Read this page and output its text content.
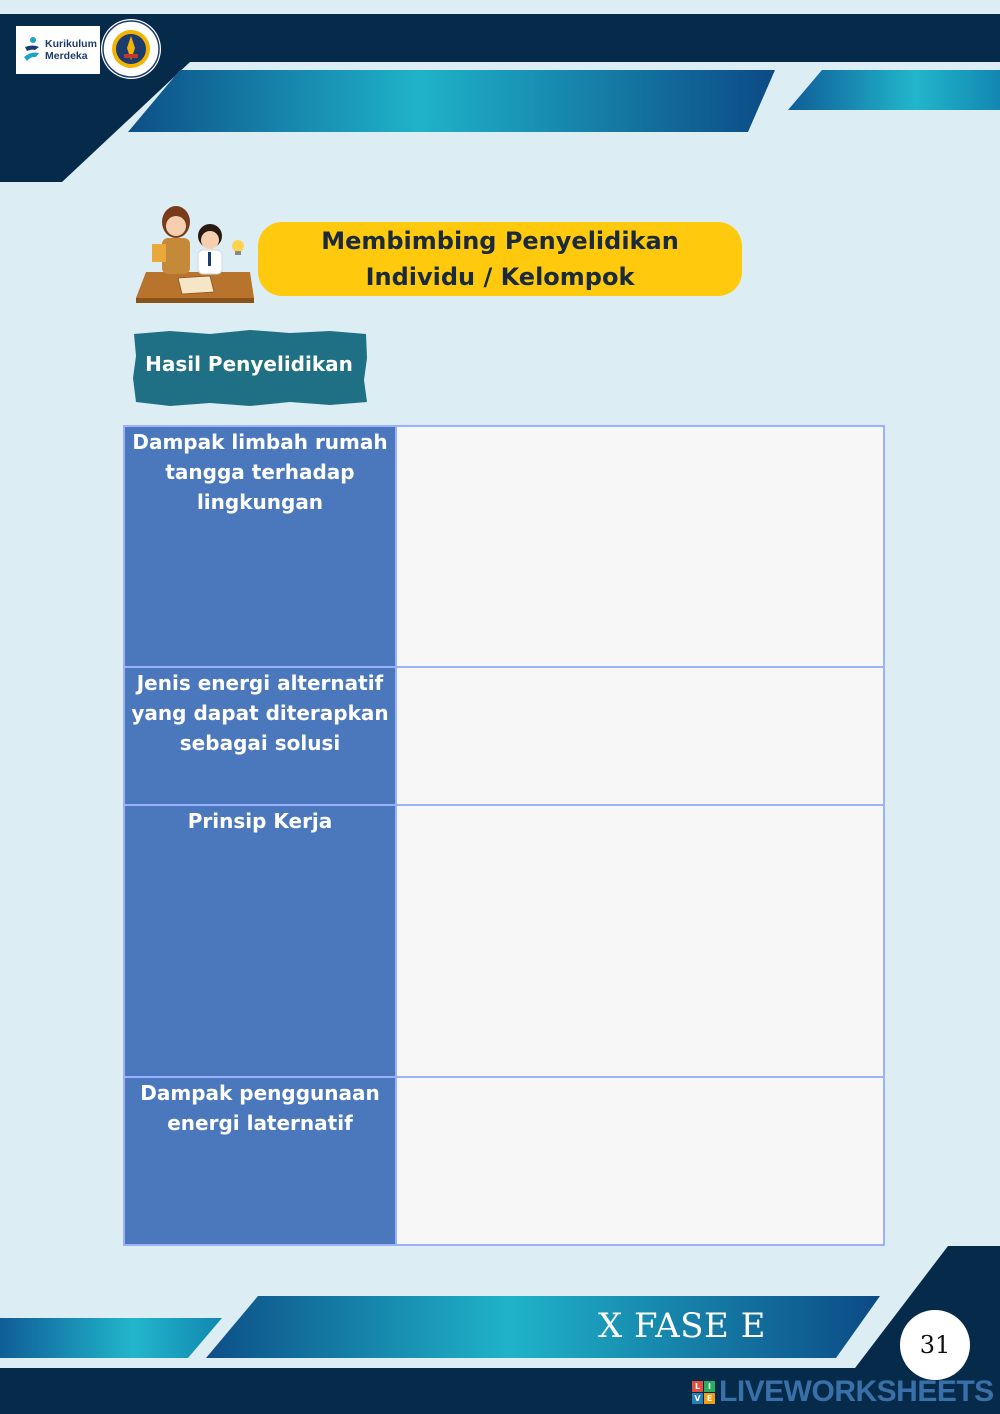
Kurikulum
Merdeka
Membimbing Penyelidikan
Individu / Kelompok
Hasil Penyelidikan
Dampak limbah rumah tangga terhadap lingkungan	
Jenis energi alternatif yang dapat diterapkan sebagai solusi	
Prinsip Kerja	
Dampak penggunaan energi laternatif	
X FASE E	31
L I
V E LIVEWORKSHEETS
